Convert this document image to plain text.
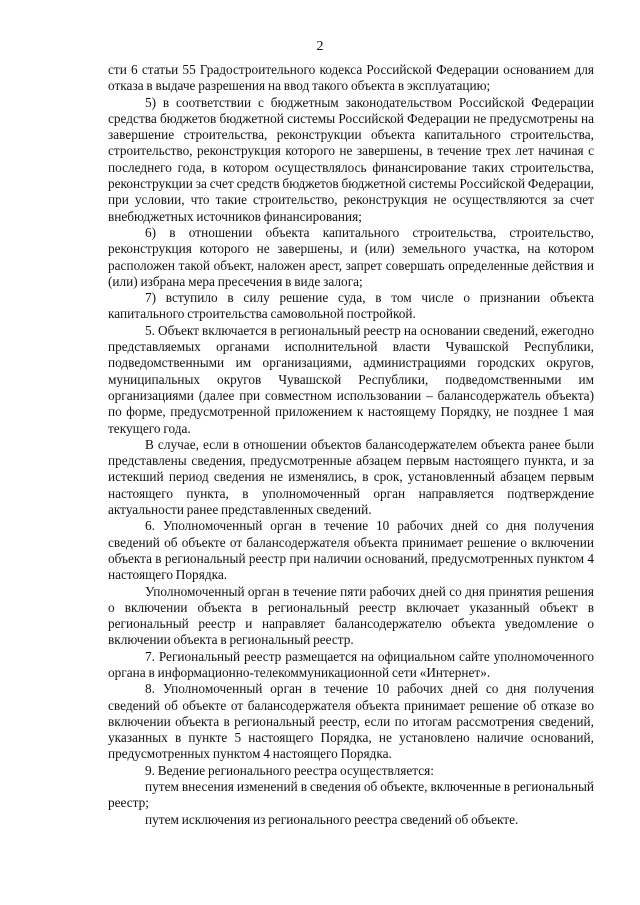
2

сти 6 статьи 55 Градостроительного кодекса Российской Федерации основанием для отказа в выдаче разрешения на ввод такого объекта в эксплуатацию;

5) в соответствии с бюджетным законодательством Российской Федерации средства бюджетов бюджетной системы Российской Федерации не предусмотрены на завершение строительства, реконструкции объекта капитального строительства, строительство, реконструкция которого не завершены, в течение трех лет начиная с последнего года, в котором осуществлялось финансирование таких строительства, реконструкции за счет средств бюджетов бюджетной системы Российской Федерации, при условии, что такие строительство, реконструкция не осуществляются за счет внебюджетных источников финансирования;

6) в отношении объекта капитального строительства, строительство, реконструкция которого не завершены, и (или) земельного участка, на котором расположен такой объект, наложен арест, запрет совершать определенные действия и (или) избрана мера пресечения в виде залога;

7) вступило в силу решение суда, в том числе о признании объекта капитального строительства самовольной постройкой.

5. Объект включается в региональный реестр на основании сведений, ежегодно представляемых органами исполнительной власти Чувашской Республики, подведомственными им организациями, администрациями городских округов, муниципальных округов Чувашской Республики, подведомственными им организациями (далее при совместном использовании – балансодержатель объекта) по форме, предусмотренной приложением к настоящему Порядку, не позднее 1 мая текущего года.

В случае, если в отношении объектов балансодержателем объекта ранее были представлены сведения, предусмотренные абзацем первым настоящего пункта, и за истекший период сведения не изменялись, в срок, установленный абзацем первым настоящего пункта, в уполномоченный орган направляется подтверждение актуальности ранее представленных сведений.

6. Уполномоченный орган в течение 10 рабочих дней со дня получения сведений об объекте от балансодержателя объекта принимает решение о включении объекта в региональный реестр при наличии оснований, предусмотренных пунктом 4 настоящего Порядка.

Уполномоченный орган в течение пяти рабочих дней со дня принятия решения о включении объекта в региональный реестр включает указанный объект в региональный реестр и направляет балансодержателю объекта уведомление о включении объекта в региональный реестр.

7. Региональный реестр размещается на официальном сайте уполномоченного органа в информационно-телекоммуникационной сети «Интернет».

8. Уполномоченный орган в течение 10 рабочих дней со дня получения сведений об объекте от балансодержателя объекта принимает решение об отказе во включении объекта в региональный реестр, если по итогам рассмотрения сведений, указанных в пункте 5 настоящего Порядка, не установлено наличие оснований, предусмотренных пунктом 4 настоящего Порядка.

9. Ведение регионального реестра осуществляется:

путем внесения изменений в сведения об объекте, включенные в региональный реестр;

путем исключения из регионального реестра сведений об объекте.
